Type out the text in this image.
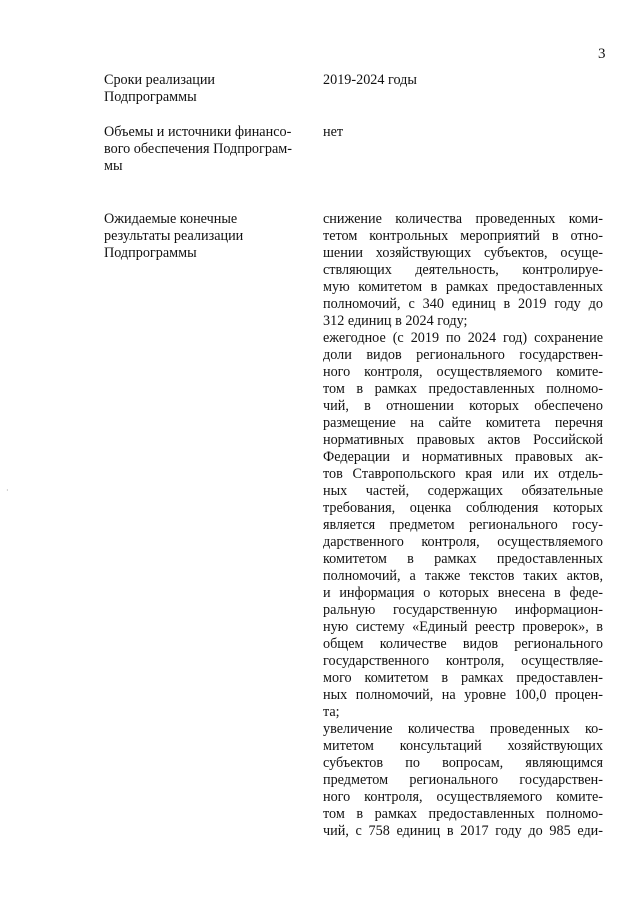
3
·
Сроки реализации
Подпрограммы
2019-2024 годы
Объемы и источники финансо-
вого обеспечения Подпрограм-
мы
нет
Ожидаемые конечные
результаты реализации
Подпрограммы
снижение количества проведенных коми-
тетом контрольных мероприятий в отно-
шении хозяйствующих субъектов, осуще-
ствляющих деятельность, контролируе-
мую комитетом в рамках предоставленных
полномочий, с 340 единиц в 2019 году до
312 единиц в 2024 году;
ежегодное (с 2019 по 2024 год) сохранение
доли видов регионального государствен-
ного контроля, осуществляемого комите-
том в рамках предоставленных полномо-
чий, в отношении которых обеспечено
размещение на сайте комитета перечня
нормативных правовых актов Российской
Федерации и нормативных правовых ак-
тов Ставропольского края или их отдель-
ных частей, содержащих обязательные
требования, оценка соблюдения которых
является предметом регионального госу-
дарственного контроля, осуществляемого
комитетом в рамках предоставленных
полномочий, а также текстов таких актов,
и информация о которых внесена в феде-
ральную государственную информацион-
ную систему «Единый реестр проверок», в
общем количестве видов регионального
государственного контроля, осуществляе-
мого комитетом в рамках предоставлен-
ных полномочий, на уровне 100,0 процен-
та;
увеличение количества проведенных ко-
митетом консультаций хозяйствующих
субъектов по вопросам, являющимся
предметом регионального государствен-
ного контроля, осуществляемого комите-
том в рамках предоставленных полномо-
чий, с 758 единиц в 2017 году до 985 еди-
